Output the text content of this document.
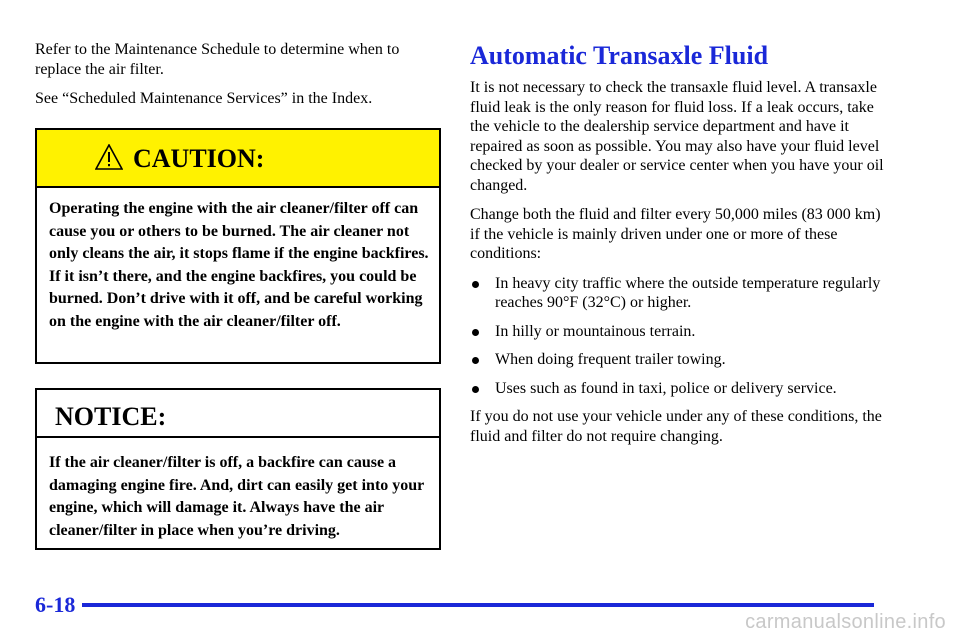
Refer to the Maintenance Schedule to determine when to replace the air filter.

See “Scheduled Maintenance Services” in the Index.

CAUTION:
Operating the engine with the air cleaner/filter off can cause you or others to be burned. The air cleaner not only cleans the air, it stops flame if the engine backfires. If it isn’t there, and the engine backfires, you could be burned. Don’t drive with it off, and be careful working on the engine with the air cleaner/filter off.
NOTICE:
If the air cleaner/filter is off, a backfire can cause a damaging engine fire. And, dirt can easily get into your engine, which will damage it. Always have the air cleaner/filter in place when you’re driving.
Automatic Transaxle Fluid

It is not necessary to check the transaxle fluid level. A transaxle fluid leak is the only reason for fluid loss. If a leak occurs, take the vehicle to the dealership service department and have it repaired as soon as possible. You may also have your fluid level checked by your dealer or service center when you have your oil changed.

Change both the fluid and filter every 50,000 miles (83 000 km) if the vehicle is mainly driven under one or more of these conditions:

In heavy city traffic where the outside temperature regularly reaches 90°F (32°C) or higher.
In hilly or mountainous terrain.
When doing frequent trailer towing.
Uses such as found in taxi, police or delivery service.

If you do not use your vehicle under any of these conditions, the fluid and filter do not require changing.

6-18
carmanualsonline.info
